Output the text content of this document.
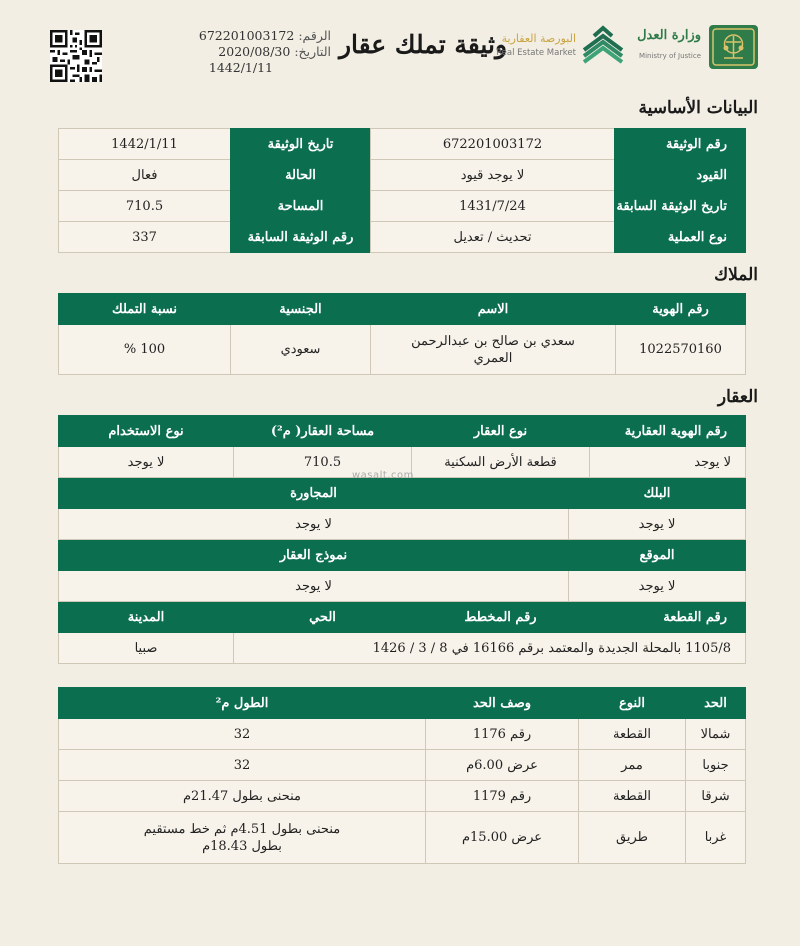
الرقم: 672201003172
التاريخ: 2020/08/30
1442/1/11
وثيقة تملك عقار	وزارة العدل
Ministry of Justice
البورصة العقارية
Real Estate Market
البيانات الأساسية
رقم الوثيقة	672201003172	تاريخ الوثيقة	1442/1/11
القيود	لا يوجد قيود	الحالة	فعال
تاريخ الوثيقة السابقة	1431/7/24	المساحة	710.5
نوع العملية	تحديث / تعديل	رقم الوثيقة السابقة	337
الملاك
رقم الهوية	الاسم	الجنسية	نسبة التملك
1022570160	سعدي بن صالح بن عبدالرحمن العمري	سعودي	100 %
العقار
رقم الهوية العقارية	نوع العقار		مساحة العقار( م²)	نوع الاستخدام
لا يوجد	قطعة الأرض السكنية		710.5	لا يوجد
البلك		المجاورة		
لا يوجد		لا يوجد		
الموقع		نموذج العقار		
لا يوجد		لا يوجد		
رقم القطعة	رقم المخطط		الحي	المدينة
1105/8 بالمحلة الجديدة والمعتمد برقم 16166 في 8 / 3 / 1426				صبيا
wasalt.com
الحد	النوع	وصف الحد	الطول م²
شمالا	القطعة	رقم 1176	32
جنوبا	ممر	عرض 6.00م	32
شرقا	القطعة	رقم 1179	منحنى بطول 21.47م
غربا	طريق	عرض 15.00م	منحنى بطول 4.51م ثم خط مستقيم بطول 18.43م
